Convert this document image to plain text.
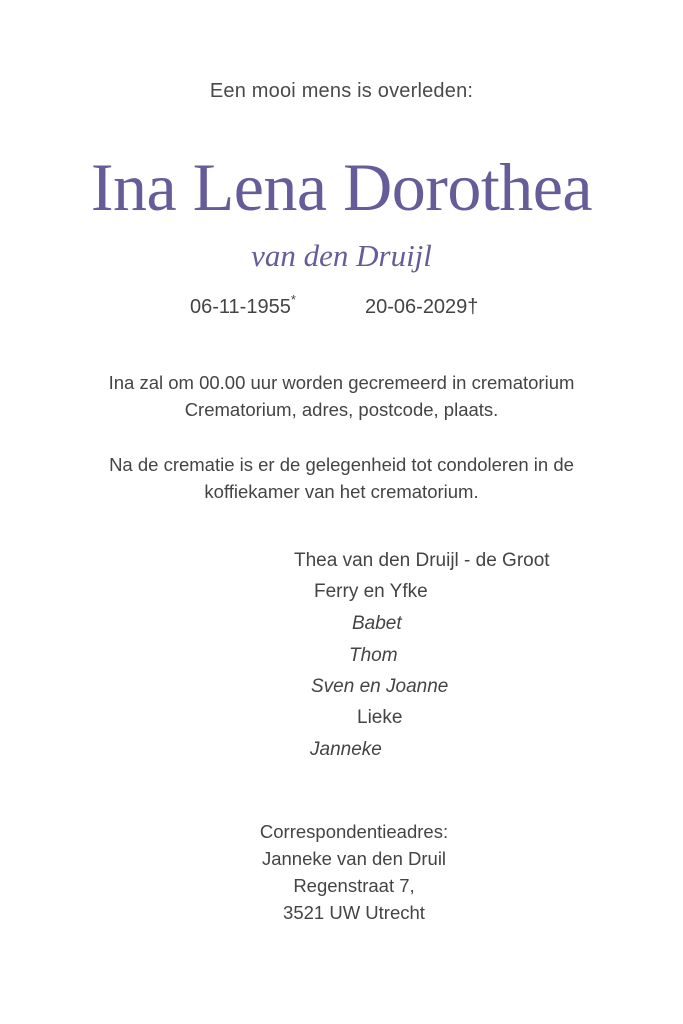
Een mooi mens is overleden:
Ina Lena Dorothea
van den Druijl
06-11-1955*	20-06-2029†
Ina zal om 00.00 uur worden gecremeerd in crematorium
Crematorium, adres, postcode, plaats.
Na de crematie is er de gelegenheid tot condoleren in de
koffiekamer van het crematorium.
Thea van den Druijl - de Groot
Ferry en Yfke
Babet
Thom
Sven en Joanne
Lieke
Janneke
Correspondentieadres:
Janneke van den Druil
Regenstraat 7,
3521 UW Utrecht
